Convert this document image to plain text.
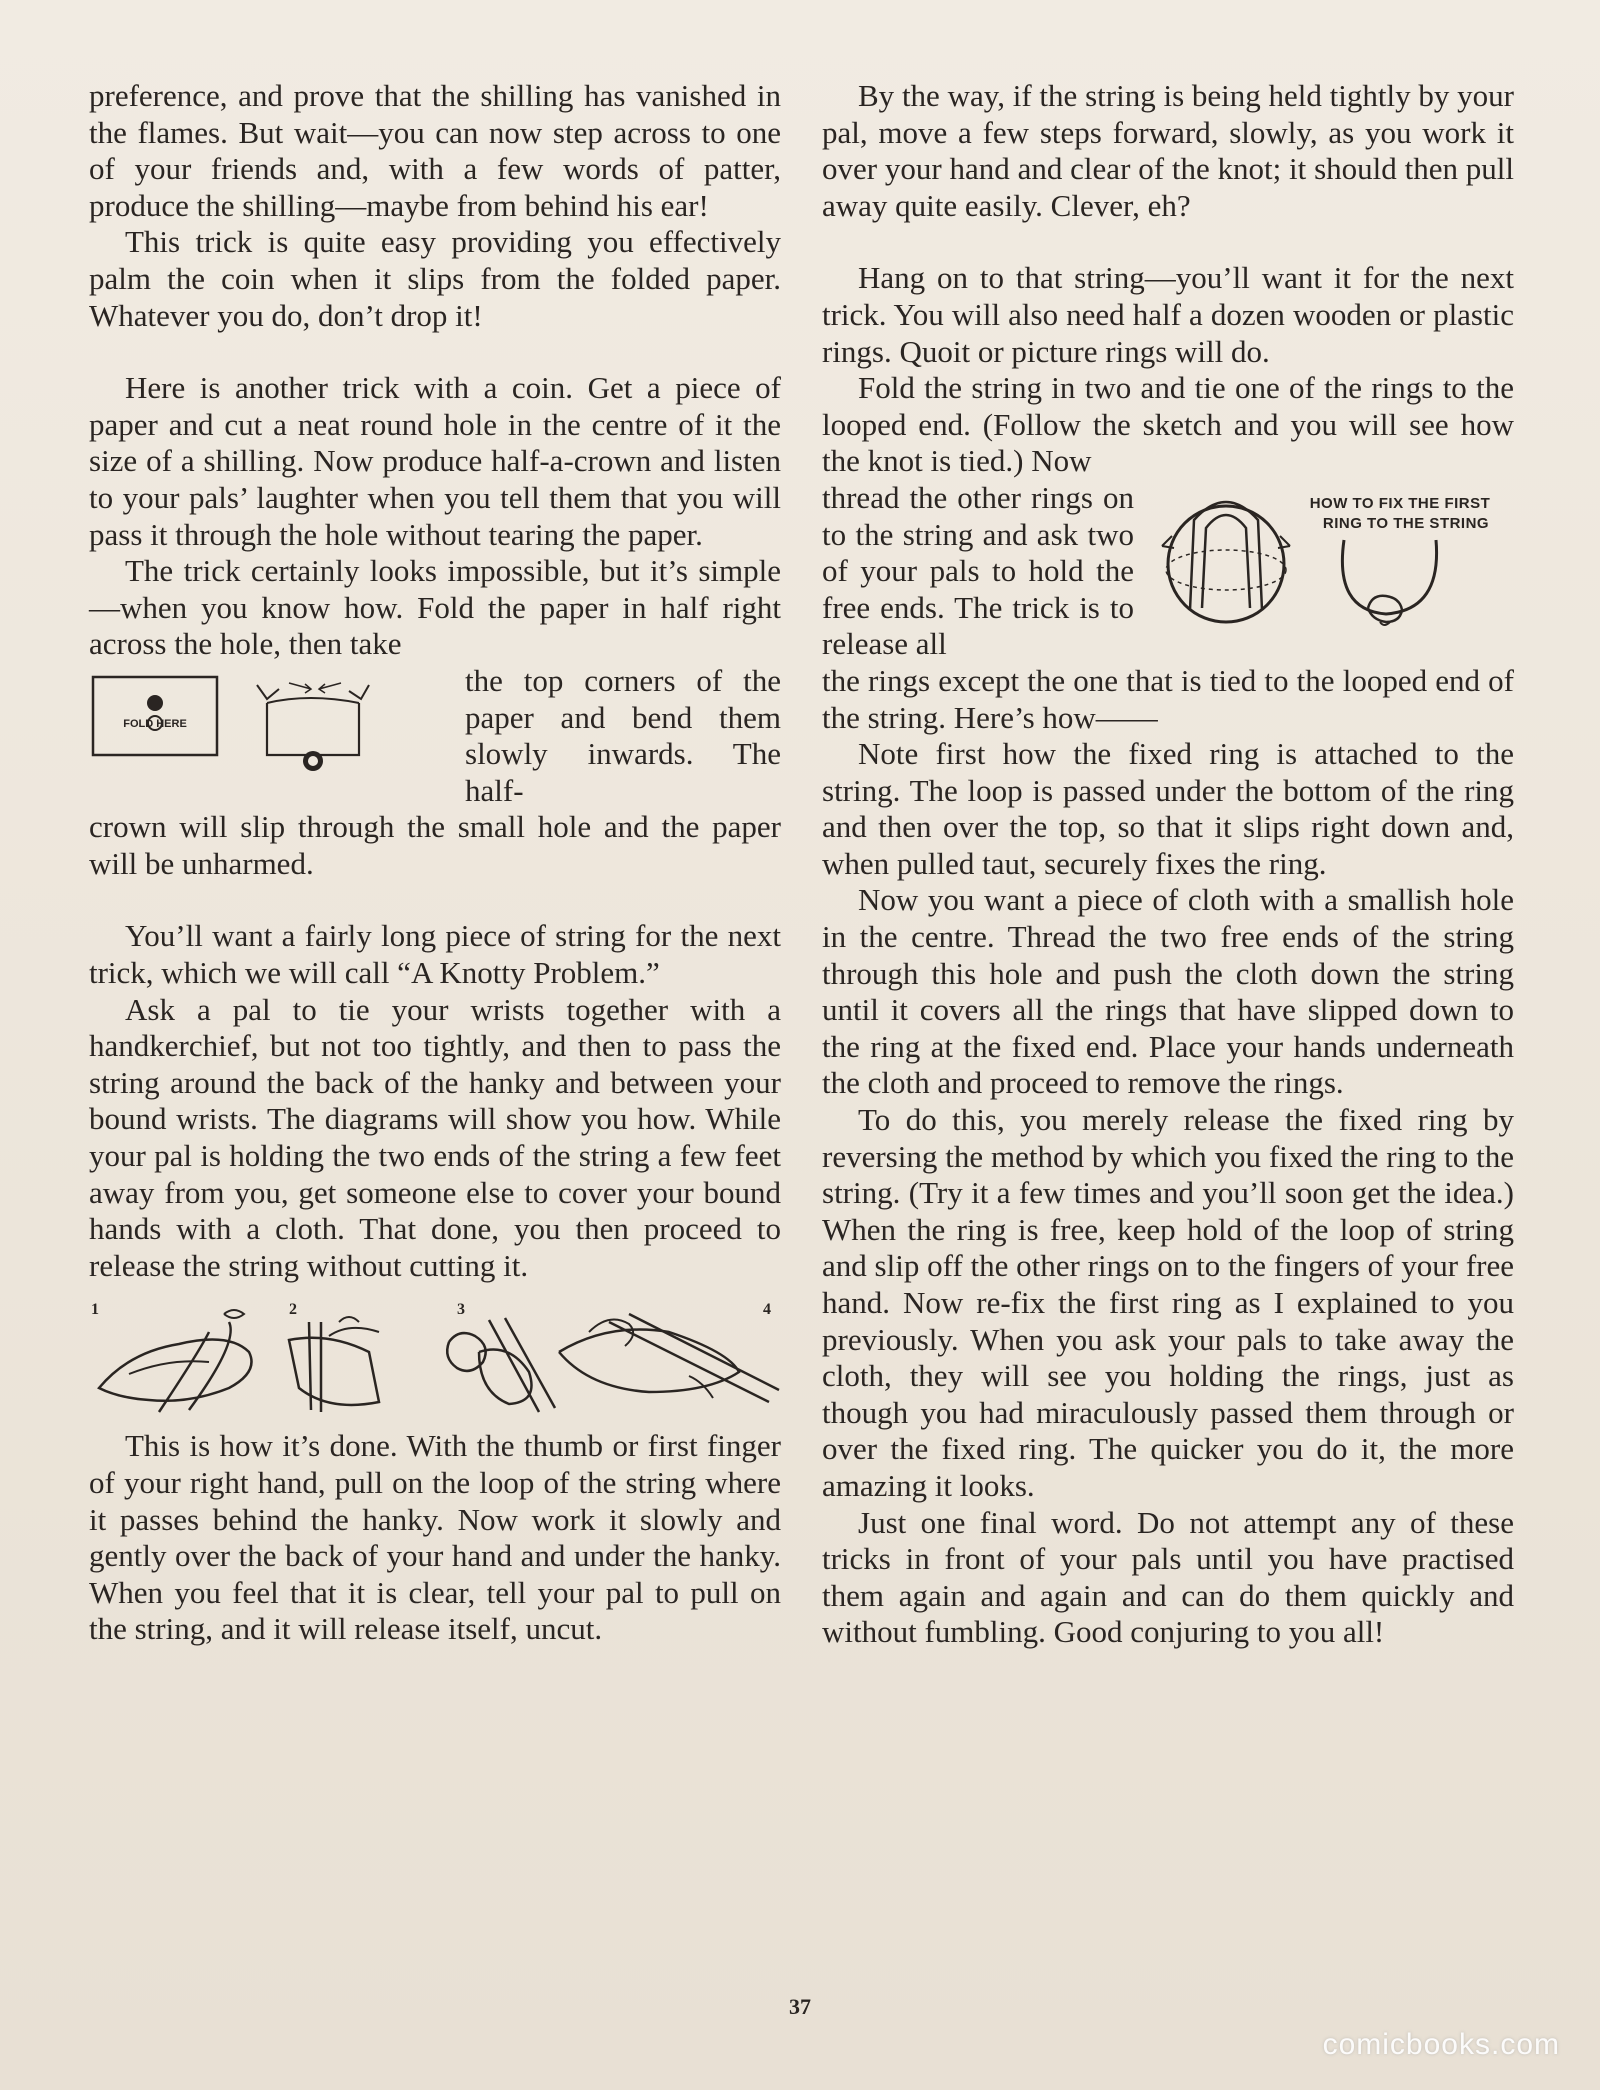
preference, and prove that the shilling has vanished in the flames. But wait—you can now step across to one of your friends and, with a few words of patter, produce the shilling—maybe from behind his ear!

This trick is quite easy providing you effectively palm the coin when it slips from the folded paper. Whatever you do, don’t drop it!

Here is another trick with a coin. Get a piece of paper and cut a neat round hole in the centre of it the size of a shilling. Now produce half-a-crown and listen to your pals’ laughter when you tell them that you will pass it through the hole without tearing the paper.

The trick certainly looks impossible, but it’s simple—when you know how. Fold the paper in half right across the hole, then take

FOLD HERE

the top corners of the paper and bend them slowly inwards. The half-

crown will slip through the small hole and the paper will be unharmed.

You’ll want a fairly long piece of string for the next trick, which we will call “A Knotty Problem.”

Ask a pal to tie your wrists together with a handkerchief, but not too tightly, and then to pass the string around the back of the hanky and between your bound wrists. The diagrams will show you how. While your pal is holding the two ends of the string a few feet away from you, get someone else to cover your bound hands with a cloth. That done, you then proceed to release the string without cutting it.

1	2	3	4

This is how it’s done. With the thumb or first finger of your right hand, pull on the loop of the string where it passes behind the hanky. Now work it slowly and gently over the back of your hand and under the hanky. When you feel that it is clear, tell your pal to pull on the string, and it will release itself, uncut.

By the way, if the string is being held tightly by your pal, move a few steps forward, slowly, as you work it over your hand and clear of the knot; it should then pull away quite easily. Clever, eh?

Hang on to that string—you’ll want it for the next trick. You will also need half a dozen wooden or plastic rings. Quoit or picture rings will do.

Fold the string in two and tie one of the rings to the looped end. (Follow the sketch and you will see how the knot is tied.) Now

thread the other rings on to the string and ask two of your pals to hold the free ends. The trick is to release all

HOW TO FIX THE FIRST
RING TO THE STRING

the rings except the one that is tied to the looped end of the string. Here’s how——

Note first how the fixed ring is attached to the string. The loop is passed under the bottom of the ring and then over the top, so that it slips right down and, when pulled taut, securely fixes the ring.

Now you want a piece of cloth with a smallish hole in the centre. Thread the two free ends of the string through this hole and push the cloth down the string until it covers all the rings that have slipped down to the ring at the fixed end. Place your hands underneath the cloth and proceed to remove the rings.

To do this, you merely release the fixed ring by reversing the method by which you fixed the ring to the string. (Try it a few times and you’ll soon get the idea.) When the ring is free, keep hold of the loop of string and slip off the other rings on to the fingers of your free hand. Now re-fix the first ring as I explained to you previously. When you ask your pals to take away the cloth, they will see you holding the rings, just as though you had miraculously passed them through or over the fixed ring. The quicker you do it, the more amazing it looks.

Just one final word. Do not attempt any of these tricks in front of your pals until you have practised them again and again and can do them quickly and without fumbling. Good conjuring to you all!

37
comicbooks.com
